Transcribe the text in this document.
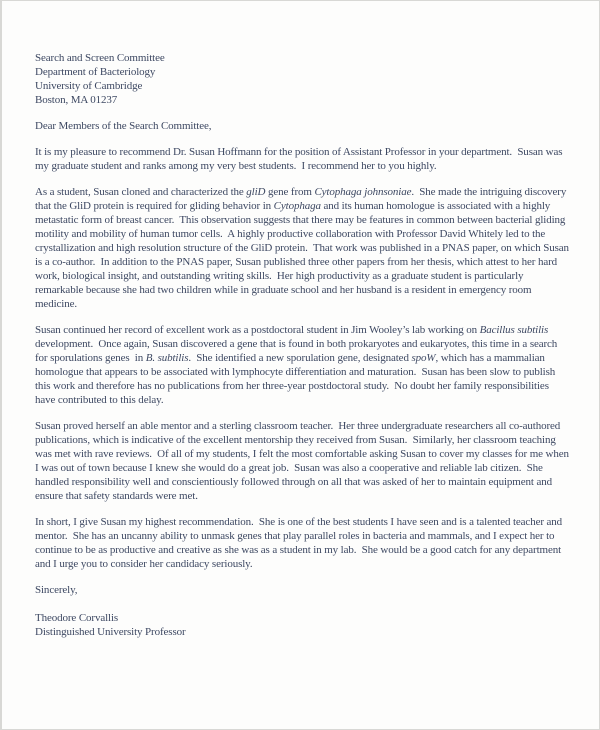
Search and Screen Committee
Department of Bacteriology
University of Cambridge
Boston, MA 01237

Dear Members of the Search Committee,

It is my pleasure to recommend Dr. Susan Hoffmann for the position of Assistant Professor in your department.  Susan was my graduate student and ranks among my very best students.  I recommend her to you highly.

As a student, Susan cloned and characterized the gliD gene from Cytophaga johnsoniae.  She made the intriguing discovery that the GliD protein is required for gliding behavior in Cytophaga and its human homologue is associated with a highly metastatic form of breast cancer.  This observation suggests that there may be features in common between bacterial gliding motility and mobility of human tumor cells.  A highly productive collaboration with Professor David Whitely led to the crystallization and high resolution structure of the GliD protein.  That work was published in a PNAS paper, on which Susan is a co-author.  In addition to the PNAS paper, Susan published three other papers from her thesis, which attest to her hard work, biological insight, and outstanding writing skills.  Her high productivity as a graduate student is particularly remarkable because she had two children while in graduate school and her husband is a resident in emergency room medicine.

Susan continued her record of excellent work as a postdoctoral student in Jim Wooley’s lab working on Bacillus subtilis development.  Once again, Susan discovered a gene that is found in both prokaryotes and eukaryotes, this time in a search for sporulations genes  in B. subtilis.  She identified a new sporulation gene, designated spoW, which has a mammalian homologue that appears to be associated with lymphocyte differentiation and maturation.  Susan has been slow to publish this work and therefore has no publications from her three-year postdoctoral study.  No doubt her family responsibilities have contributed to this delay.

Susan proved herself an able mentor and a sterling classroom teacher.  Her three undergraduate researchers all co-authored publications, which is indicative of the excellent mentorship they received from Susan.  Similarly, her classroom teaching was met with rave reviews.  Of all of my students, I felt the most comfortable asking Susan to cover my classes for me when I was out of town because I knew she would do a great job.  Susan was also a cooperative and reliable lab citizen.  She handled responsibility well and conscientiously followed through on all that was asked of her to maintain equipment and ensure that safety standards were met.

In short, I give Susan my highest recommendation.  She is one of the best students I have seen and is a talented teacher and mentor.  She has an uncanny ability to unmask genes that play parallel roles in bacteria and mammals, and I expect her to continue to be as productive and creative as she was as a student in my lab.  She would be a good catch for any department and I urge you to consider her candidacy seriously.

Sincerely,

Theodore Corvallis
Distinguished University Professor
